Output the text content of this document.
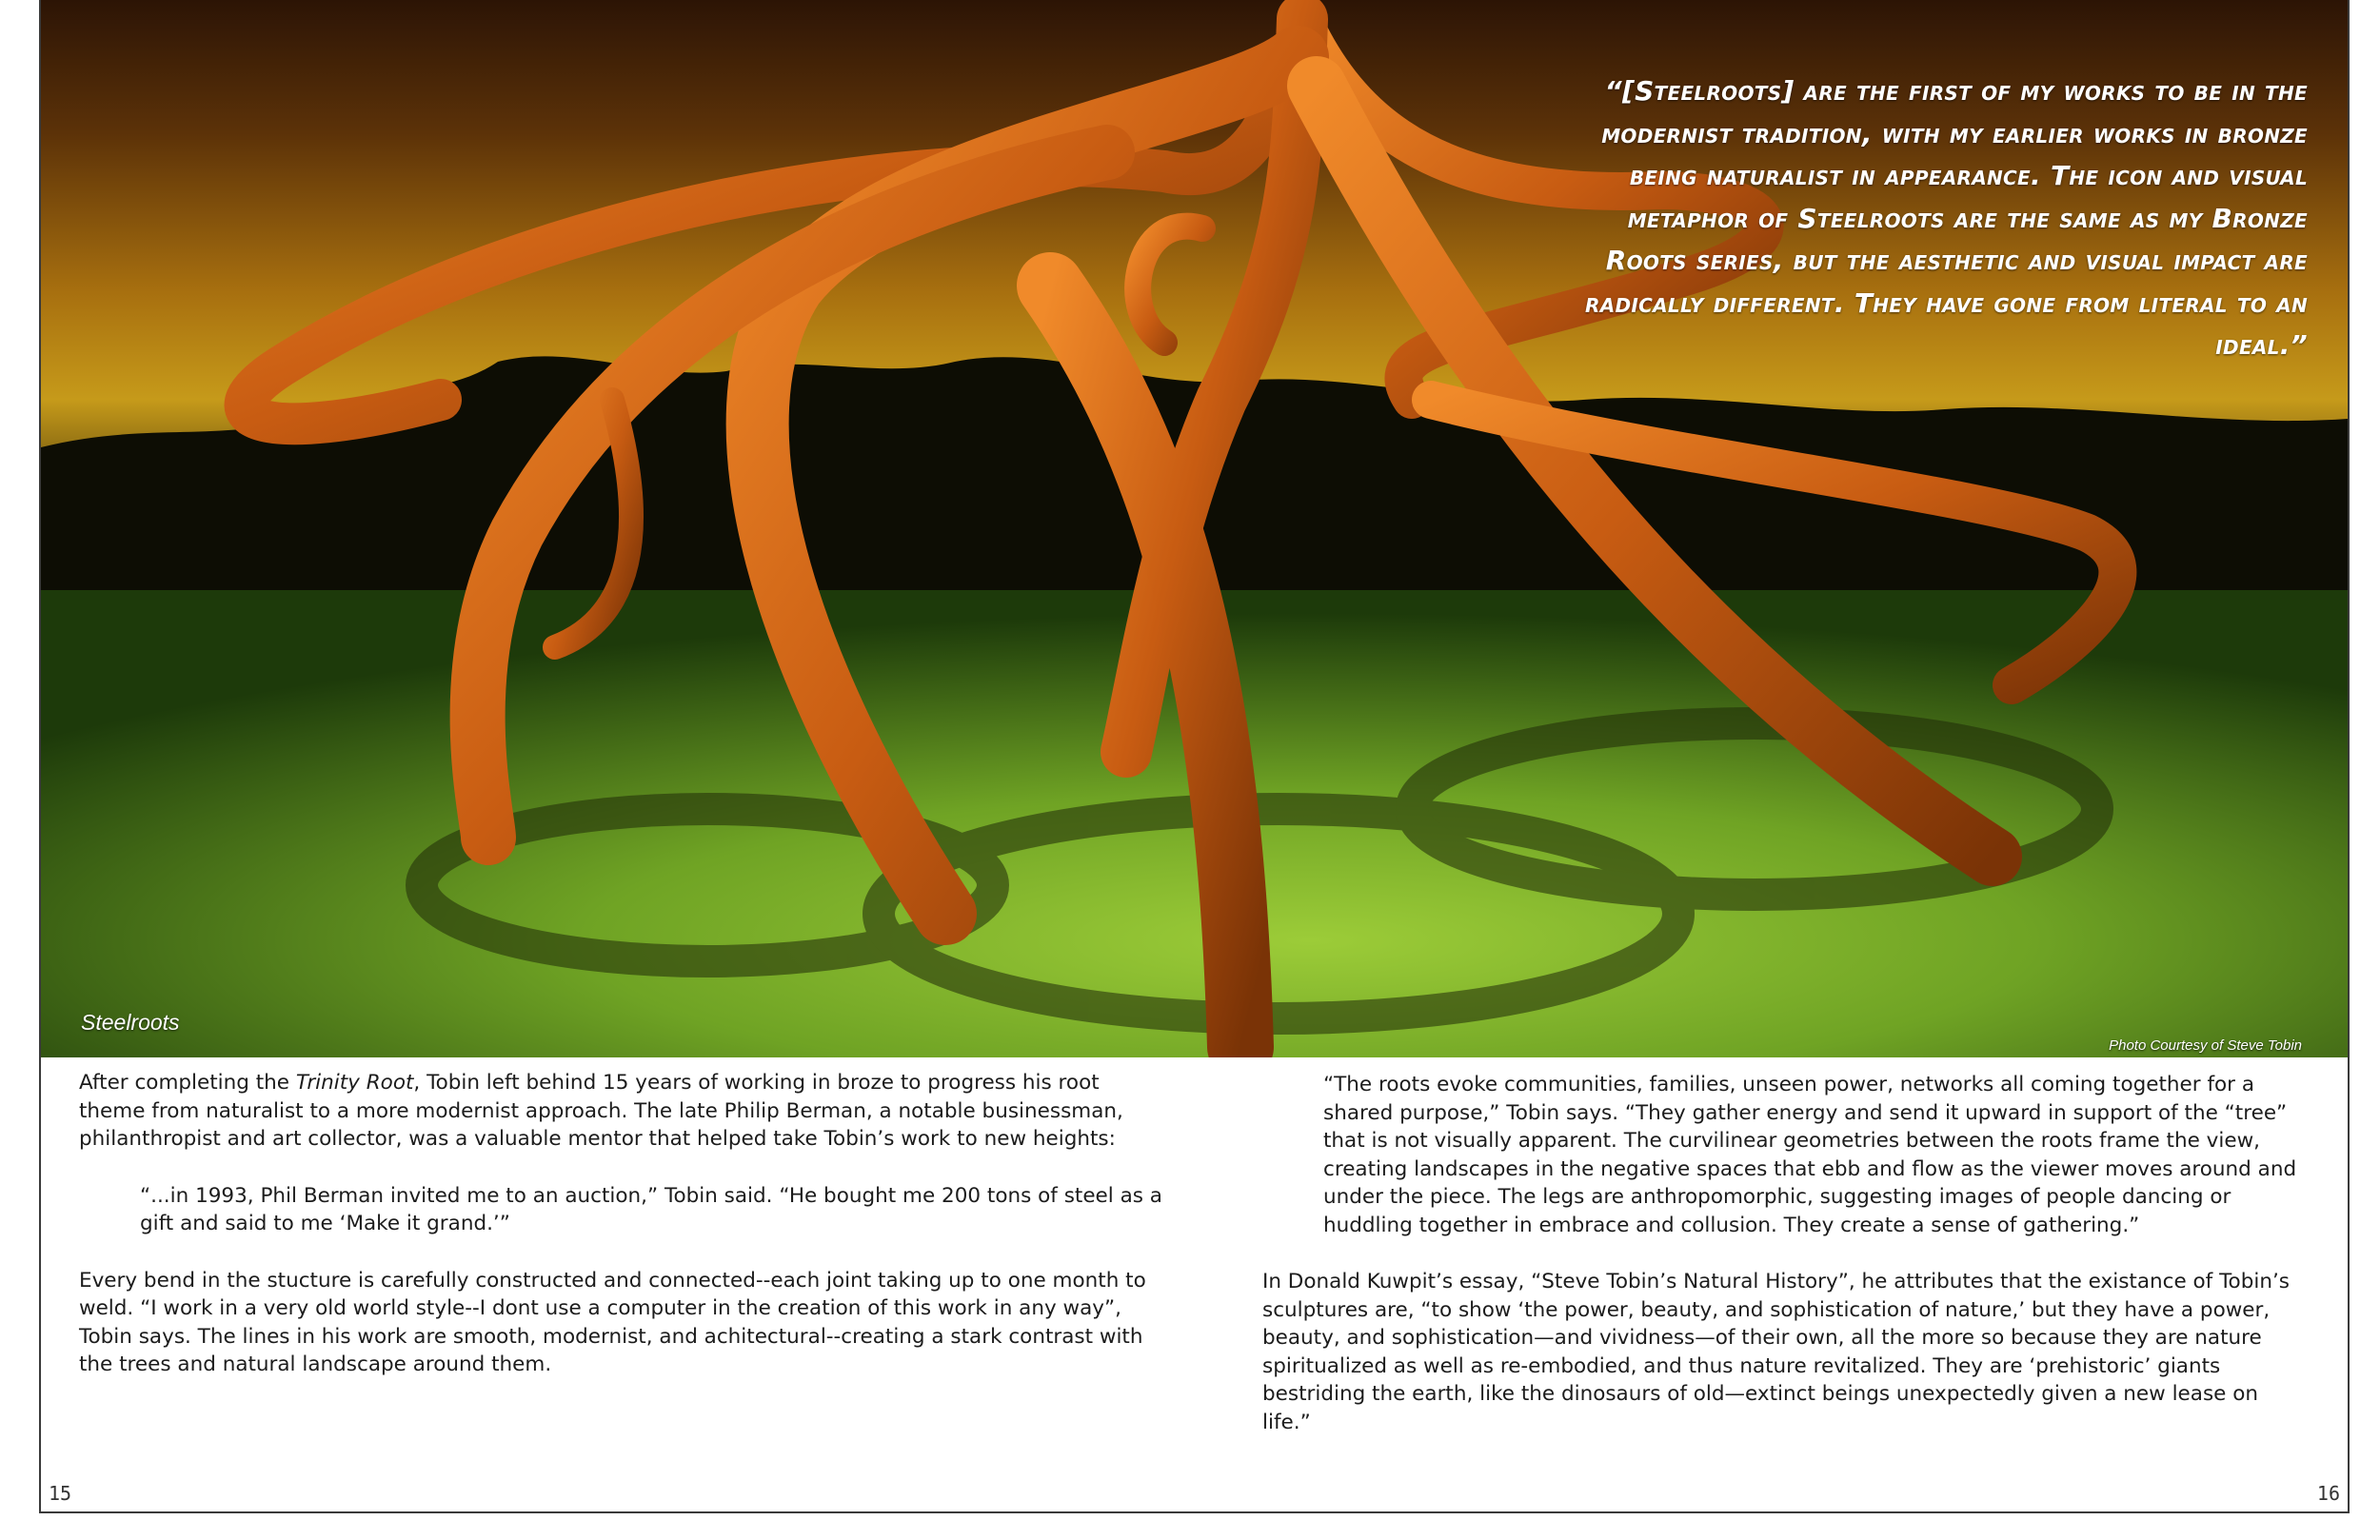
“[Steelroots] are the first of my works to be in the modernist tradition, with my earlier works in bronze being naturalist in appearance. The icon and visual metaphor of Steelroots are the same as my Bronze Roots series, but the aesthetic and visual impact are radically different. They have gone from literal to an ideal.”

Steelroots

Photo Courtesy of Steve Tobin

After completing the Trinity Root, Tobin left behind 15 years of working in broze to progress his root theme from naturalist to a more modernist approach. The late Philip Berman, a notable businessman, philanthropist and art collector, was a valuable mentor that helped take Tobin’s work to new heights:

“...in 1993, Phil Berman invited me to an auction,” Tobin said. “He bought me 200 tons of steel as a gift and said to me ‘Make it grand.’”

Every bend in the stucture is carefully constructed and connected--each joint taking up to one month to weld. “I work in a very old world style--I dont use a computer in the creation of this work in any way”, Tobin says. The lines in his work are smooth, modernist, and achitectural--creating a stark contrast with the trees and natural landscape around them.

“The roots evoke communities, families, unseen power, networks all coming together for a shared purpose,” Tobin says. “They gather energy and send it upward in support of the “tree” that is not visually apparent. The curvilinear geometries between the roots frame the view, creating landscapes in the negative spaces that ebb and flow as the viewer moves around and under the piece. The legs are anthropomorphic, suggesting images of people dancing or huddling together in embrace and collusion. They create a sense of gathering.”

In Donald Kuwpit’s essay, “Steve Tobin’s Natural History”, he attributes that the existance of Tobin’s sculptures are, “to show ‘the power, beauty, and sophistication of nature,’ but they have a power, beauty, and sophistication—and vividness—of their own, all the more so because they are nature spiritualized as well as re-embodied, and thus nature revitalized. They are ‘prehistoric’ giants bestriding the earth, like the dinosaurs of old—extinct beings unexpectedly given a new lease on life.”

15	16
